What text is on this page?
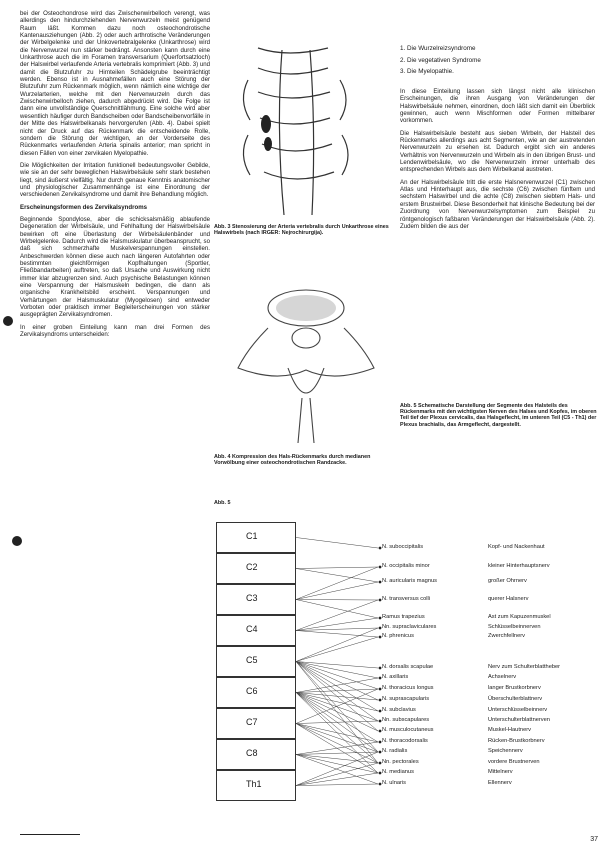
bei der Osteochondrose wird das Zwischenwirbelloch verengt, was allerdings den hindurchziehenden Nervenwurzeln meist genügend Raum läßt. Kommen dazu noch osteochondrotische Kantenausziehungen (Abb. 2) oder auch arthrotische Veränderungen der Wirbelgelenke und der Unkovertebralgelenke (Unkarthrose) wird die Nervenwurzel nun stärker bedrängt. Ansonsten kann durch eine Unkarthrose auch die im Foramen transversarium (Querfortsatzloch) der Halswirbel verlaufende Arteria vertebralis komprimiert (Abb. 3) und damit die Blutzufuhr zu Hirnteilen Schädelgrube beeinträchtigt werden. Ebenso ist in Ausnahmefällen auch eine Störung der Blutzufuhr zum Rückenmark möglich, wenn nämlich eine wichtige der Wurzelarterien, welche mit den Nervenwurzeln durch das Zwischenwirbelloch ziehen, dadurch abgedrückt wird. Die Folge ist dann eine unvollständige Querschnittlähmung. Eine solche wird aber wesentlich häufiger durch Bandscheiben oder Bandscheibenvorfälle in der Mitte des Halswirbelkanals hervorgerufen (Abb. 4). Dabei spielt nicht der Druck auf das Rückenmark die entscheidende Rolle, sondern die Störung der wichtigen, an der Vorderseite des Rückenmarks verlaufenden Arteria spinalis anterior; man spricht in diesen Fällen von einer zervikalen Myelopathie.

Die Möglichkeiten der Irritation funktionell bedeutungsvoller Gebilde, wie sie an der sehr beweglichen Halswirbelsäule sehr stark bestehen liegt, sind äußerst vielfältig. Nur durch genaue Kenntnis anatomischer und physiologischer Zusammenhänge ist eine Einordnung der verschiedenen Zervikalsyndrome und damit ihre Behandlung möglich.

Erscheinungsformen des Zervikalsyndroms

Beginnende Spondylose, aber die schicksalsmäßig ablaufende Degeneration der Wirbelsäule, und Fehlhaltung der Halswirbelsäule bewirken oft eine Überlastung der Wirbelsäulenbänder und Wirbelgelenke. Dadurch wird die Halsmuskulatur überbeansprucht, so daß sich schmerzhafte Muskelverspannungen einstellen. Anbeschwerden können diese auch nach längeren Autofahrten oder bestimmten gleichförmigen Kopfhaltungen (Sportler, Fließbandarbeiten) auftreten, so daß Ursache und Auswirkung nicht immer klar abzugrenzen sind. Auch psychische Belastungen können eine Verspannung der Halsmuskeln bedingen, die dann als organische Krankheitsbild erscheint. Verspannungen und Verhärtungen der Halsmuskulatur (Myogelosen) sind entweder Vorboten oder praktisch immer Begleiterscheinungen von stärker ausgeprägten Zervikalsyndromen.

In einer groben Einteilung kann man drei Formen des Zervikalsyndroms unterscheiden:

Abb. 3 Stenosierung der Arteria vertebralis durch Unkarthrose eines Halswirbels (nach IRGER: Nejrochirurgija).
Abb. 4 Kompression des Hals-Rückenmarks durch medianen Vorwölbung einer osteochondrotischen Randzacke.
1. Die Wurzelreizsyndrome
2. Die vegetativen Syndrome
3. Die Myelopathie.

In diese Einteilung lassen sich längst nicht alle klinischen Erscheinungen, die ihren Ausgang von Veränderungen der Halswirbelsäule nehmen, einordnen, doch läßt sich damit ein Überblick gewinnen, auch wenn Mischformen oder Formen mittelbarer vorkommen.

Die Halswirbelsäule besteht aus sieben Wirbeln, der Halsteil des Rückenmarks allerdings aus acht Segmenten, wie an der austretenden Nervenwurzeln zu ersehen ist. Dadurch ergibt sich ein anderes Verhältnis von Nervenwurzeln und Wirbeln als in den übrigen Brust- und Lendenwirbelsäule, wo die Nervenwurzeln immer unterhalb des entsprechenden Wirbels aus dem Wirbelkanal austreten.

An der Halswirbelsäule tritt die erste Halsnervenwurzel (C1) zwischen Atlas und Hinterhaupt aus, die sechste (C6) zwischen fünftem und sechstem Halswirbel und die achte (C8) zwischen siebtem Hals- und erstem Brustwirbel. Diese Besonderheit hat klinische Bedeutung bei der Zuordnung von Nervenwurzelsymptomen zum Beispiel zu röntgenologisch faßbaren Veränderungen der Halswirbelsäule (Abb. 2). Zudem bilden die aus der

Abb. 5 Schematische Darstellung der Segmente des Halsteils des Rückenmarks mit den wichtigsten Nerven des Halses und Kopfes, im oberen Teil tief der Plexus cervicalis, das Halsgeflecht, im unteren Teil (C5 - Th1) der Plexus brachialis, das Armgeflecht, dargestellt.
Abb. 5
C1
C2
C3
C4
C5
C6
C7
C8
Th1
N. suboccipitalis
N. occipitalis minor
N. auricularis magnus
N. transversus colli
Ramus trapezius
Nn. supraclaviculares
N. phrenicus
N. dorsalis scapulae
N. axillaris
N. thoracicus longus
N. suprascapularis
N. subclavius
Nn. subscapulares
N. musculocutaneus
N. thoracodorsalis
N. radialis
Nn. pectorales
N. medianus
N. ulnaris
Kopf- und Nackenhaut
kleiner Hinterhauptsnerv
großer Ohrnerv
querer Halsnerv
Ast zum Kapuzenmuskel
Schlüsselbeinnerven
Zwerchfellnerv
Nerv zum Schulterblattheber
Achselnerv
langer Brustkorbnerv
Überschulterblattnerv
Unterschlüsselbeinnerv
Unterschulterblattnerven
Muskel-Hautnerv
Rücken-Brustkorbnerv
Speichennerv
vordere Brustnerven
Mittelnerv
Ellennerv
37
